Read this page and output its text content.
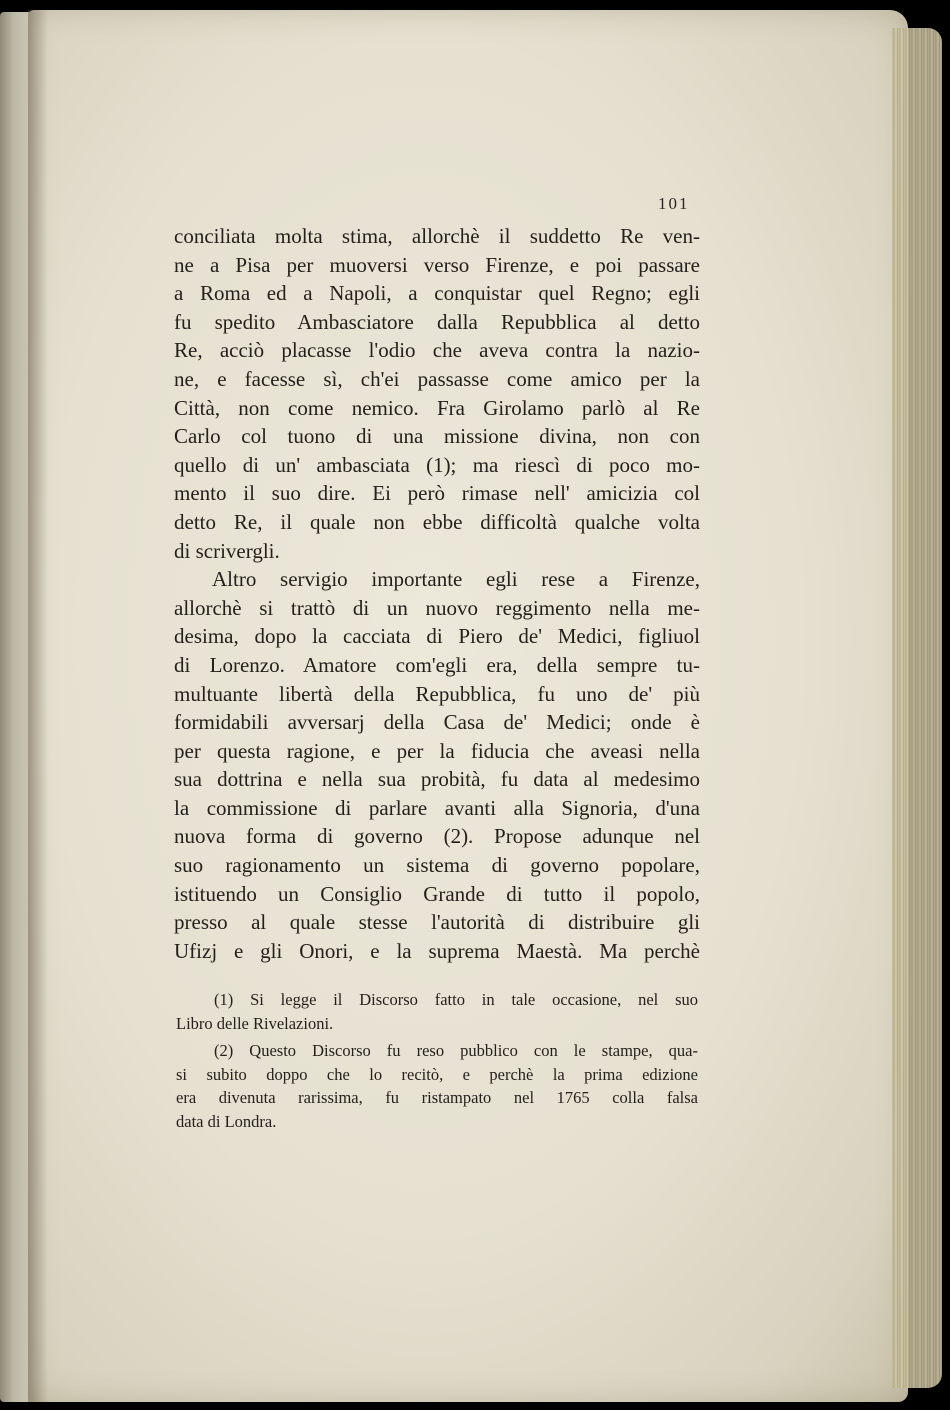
101
conciliata molta stima, allorchè il suddetto Re ven-
ne a Pisa per muoversi verso Firenze, e poi passare
a Roma ed a Napoli, a conquistar quel Regno; egli
fu spedito Ambasciatore dalla Repubblica al detto
Re, acciò placasse l'odio che aveva contra la nazio-
ne, e facesse sì, ch'ei passasse come amico per la
Città, non come nemico. Fra Girolamo parlò al Re
Carlo col tuono di una missione divina, non con
quello di un' ambasciata (1); ma riescì di poco mo-
mento il suo dire. Ei però rimase nell' amicizia col
detto Re, il quale non ebbe difficoltà qualche volta
di scrivergli.
Altro servigio importante egli rese a Firenze,
allorchè si trattò di un nuovo reggimento nella me-
desima, dopo la cacciata di Piero de' Medici, figliuol
di Lorenzo. Amatore com'egli era, della sempre tu-
multuante libertà della Repubblica, fu uno de' più
formidabili avversarj della Casa de' Medici; onde è
per questa ragione, e per la fiducia che aveasi nella
sua dottrina e nella sua probità, fu data al medesimo
la commissione di parlare avanti alla Signoria, d'una
nuova forma di governo (2). Propose adunque nel
suo ragionamento un sistema di governo popolare,
istituendo un Consiglio Grande di tutto il popolo,
presso al quale stesse l'autorità di distribuire gli
Ufizj e gli Onori, e la suprema Maestà. Ma perchè
(1) Si legge il Discorso fatto in tale occasione, nel suo
Libro delle Rivelazioni.
(2) Questo Discorso fu reso pubblico con le stampe, qua-
si subito doppo che lo recitò, e perchè la prima edizione
era divenuta rarissima, fu ristampato nel 1765 colla falsa
data di Londra.
